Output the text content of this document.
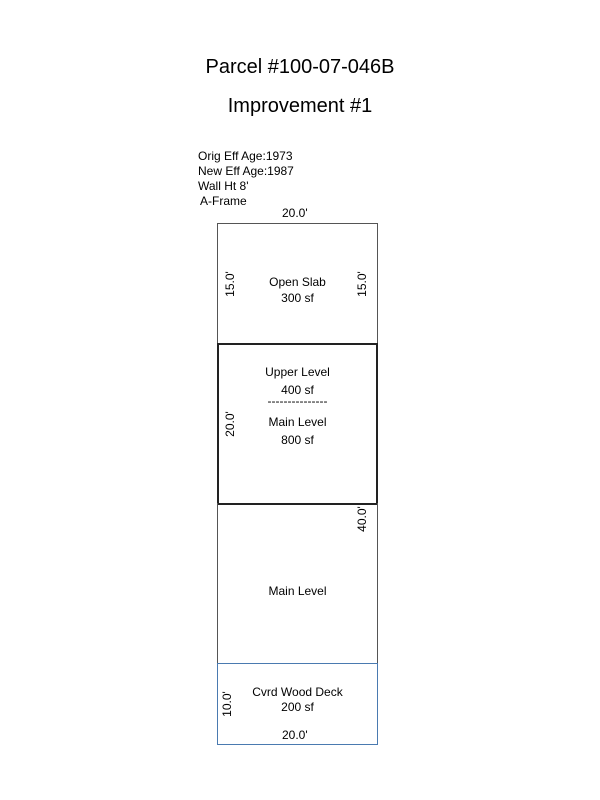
Parcel #100-07-046B
Improvement #1
Orig Eff Age:1973
New Eff Age:1987
Wall Ht 8'
A-Frame
20.0'
Open Slab
300 sf
15.0'	15.0'
Upper Level
400 sf
---------------
Main Level
800 sf
20.0'
Main Level
40.0'
Cvrd Wood Deck
200 sf
10.0'
20.0'
